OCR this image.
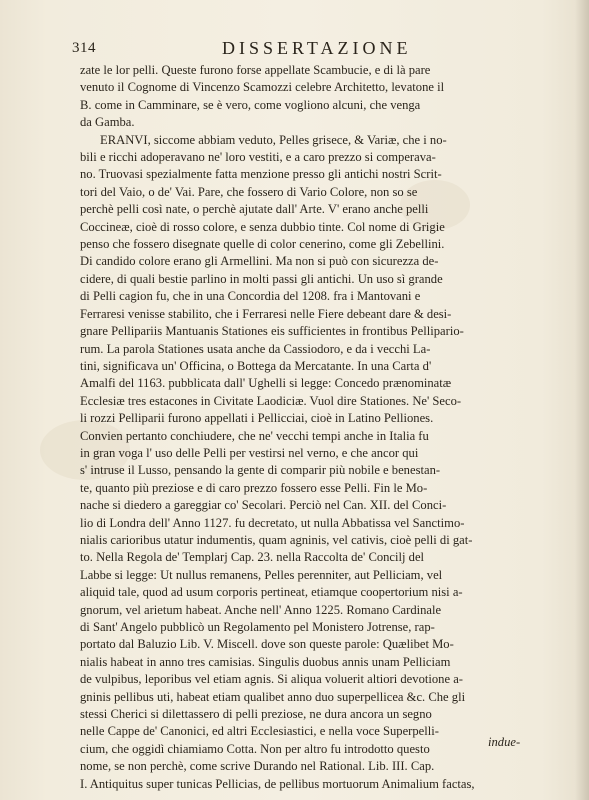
314	DISSERTAZIONE
zate le lor pelli. Queste furono forse appellate Scambucie, e di là pare
venuto il Cognome di Vincenzo Scamozzi celebre Architetto, levatone il
B. come in Camminare, se è vero, come vogliono alcuni, che venga
da Gamba.
ERANVI, siccome abbiam veduto, Pelles grisece, & Variæ, che i no-
bili e ricchi adoperavano ne' loro vestiti, e a caro prezzo si comperava-
no. Truovasi spezialmente fatta menzione presso gli antichi nostri Scrit-
tori del Vaio, o de' Vai. Pare, che fossero di Vario Colore, non so se
perchè pelli così nate, o perchè ajutate dall' Arte. V' erano anche pelli
Coccineæ, cioè di rosso colore, e senza dubbio tinte. Col nome di Grigie
penso che fossero disegnate quelle di color cenerino, come gli Zebellini.
Di candido colore erano gli Armellini. Ma non si può con sicurezza de-
cidere, di quali bestie parlino in molti passi gli antichi. Un uso sì grande
di Pelli cagion fu, che in una Concordia del 1208. fra i Mantovani e
Ferraresi venisse stabilito, che i Ferraresi nelle Fiere debeant dare & desi-
gnare Pellipariis Mantuanis Stationes eis sufficientes in frontibus Pellipario-
rum. La parola Stationes usata anche da Cassiodoro, e da i vecchi La-
tini, significava un' Officina, o Bottega da Mercatante. In una Carta d'
Amalfi del 1163. pubblicata dall' Ughelli si legge: Concedo prænominatæ
Ecclesiæ tres estacones in Civitate Laodiciæ. Vuol dire Stationes. Ne' Seco-
li rozzi Pelliparii furono appellati i Pellicciai, cioè in Latino Pelliones.
Convien pertanto conchiudere, che ne' vecchi tempi anche in Italia fu
in gran voga l' uso delle Pelli per vestirsi nel verno, e che ancor qui
s' intruse il Lusso, pensando la gente di comparir più nobile e benestan-
te, quanto più preziose e di caro prezzo fossero esse Pelli. Fin le Mo-
nache si diedero a gareggiar co' Secolari. Perciò nel Can. XII. del Conci-
lio di Londra dell' Anno 1127. fu decretato, ut nulla Abbatissa vel Sanctimo-
nialis carioribus utatur indumentis, quam agninis, vel cativis, cioè pelli di gat-
to. Nella Regola de' Templarj Cap. 23. nella Raccolta de' Concilj del
Labbe si legge: Ut nullus remanens, Pelles perenniter, aut Pelliciam, vel
aliquid tale, quod ad usum corporis pertineat, etiamque coopertorium nisi a-
gnorum, vel arietum habeat. Anche nell' Anno 1225. Romano Cardinale
di Sant' Angelo pubblicò un Regolamento pel Monistero Jotrense, rap-
portato dal Baluzio Lib. V. Miscell. dove son queste parole: Quælibet Mo-
nialis habeat in anno tres camisias. Singulis duobus annis unam Pelliciam
de vulpibus, leporibus vel etiam agnis. Si aliqua voluerit altiori devotione a-
gninis pellibus uti, habeat etiam qualibet anno duo superpellicea &c. Che gli
stessi Cherici si dilettassero di pelli preziose, ne dura ancora un segno
nelle Cappe de' Canonici, ed altri Ecclesiastici, e nella voce Superpelli-
cium, che oggidì chiamiamo Cotta. Non per altro fu introdotto questo
nome, se non perchè, come scrive Durando nel Rational. Lib. III. Cap.
I. Antiquitus super tunicas Pellicias, de pellibus mortuorum Animalium factas,
indue-
